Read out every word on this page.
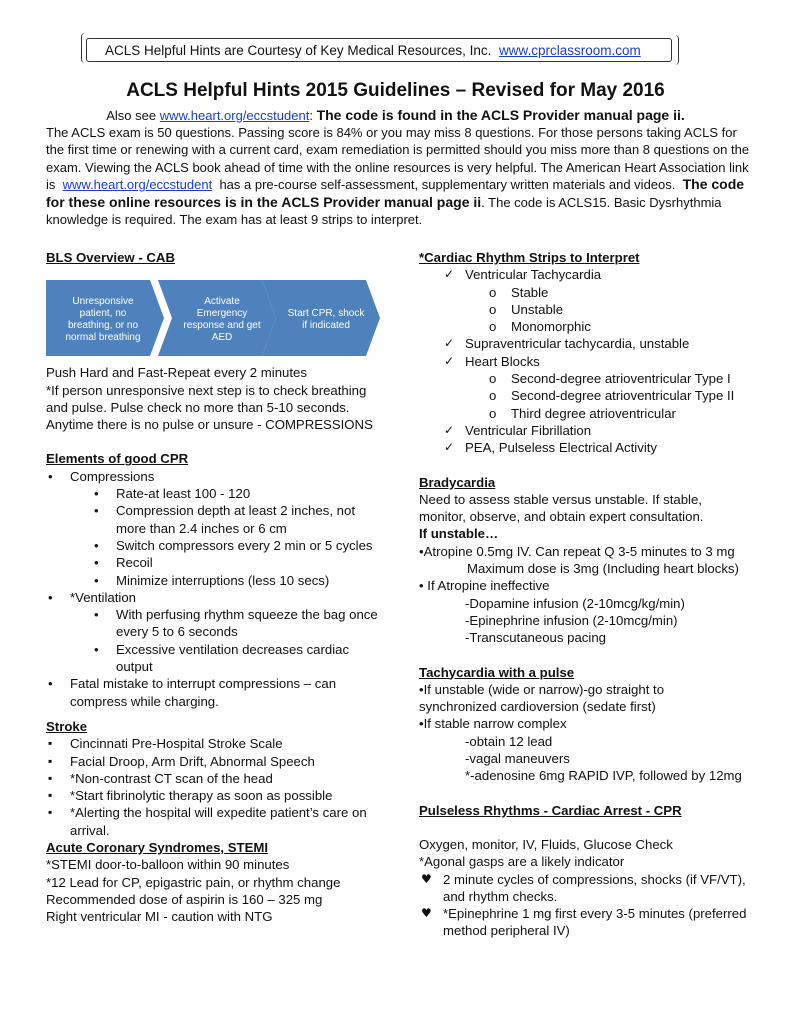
ACLS Helpful Hints are Courtesy of Key Medical Resources, Inc. www.cprclassroom.com
ACLS Helpful Hints 2015 Guidelines – Revised for May 2016
Also see www.heart.org/eccstudent: The code is found in the ACLS Provider manual page ii.
The ACLS exam is 50 questions. Passing score is 84% or you may miss 8 questions. For those persons taking ACLS for the first time or renewing with a current card, exam remediation is permitted should you miss more than 8 questions on the exam. Viewing the ACLS book ahead of time with the online resources is very helpful. The American Heart Association link is www.heart.org/eccstudent has a pre-course self-assessment, supplementary written materials and videos. The code for these online resources is in the ACLS Provider manual page ii. The code is ACLS15. Basic Dysrhythmia knowledge is required. The exam has at least 9 strips to interpret.

BLS Overview - CAB

Unresponsive
patient, no
breathing, or no
normal breathing
Activate
Emergency
response and get
AED
Start CPR, shock
if indicated

Push Hard and Fast-Repeat every 2 minutes

*If person unresponsive next step is to check breathing

and pulse. Pulse check no more than 5-10 seconds.

Anytime there is no pulse or unsure - COMPRESSIONS

Elements of good CPR

• Compressions
• Rate-at least 100 - 120
• Compression depth at least 2 inches, not more than 2.4 inches or 6 cm
• Switch compressors every 2 min or 5 cycles
• Recoil
• Minimize interruptions (less 10 secs)
• *Ventilation
• With perfusing rhythm squeeze the bag once every 5 to 6 seconds
• Excessive ventilation decreases cardiac output
• Fatal mistake to interrupt compressions – can compress while charging.

Stroke

▪ Cincinnati Pre-Hospital Stroke Scale
▪ Facial Droop, Arm Drift, Abnormal Speech
▪ *Non-contrast CT scan of the head
▪ *Start fibrinolytic therapy as soon as possible
▪ *Alerting the hospital will expedite patient’s care on arrival.

Acute Coronary Syndromes, STEMI

*STEMI door-to-balloon within 90 minutes

*12 Lead for CP, epigastric pain, or rhythm change

Recommended dose of aspirin is 160 – 325 mg

Right ventricular MI - caution with NTG

*Cardiac Rhythm Strips to Interpret

✓ Ventricular Tachycardia
o Stable
o Unstable
o Monomorphic
✓ Supraventricular tachycardia, unstable
✓ Heart Blocks
o Second-degree atrioventricular Type I
o Second-degree atrioventricular Type II
o Third degree atrioventricular
✓ Ventricular Fibrillation
✓ PEA, Pulseless Electrical Activity

Bradycardia

Need to assess stable versus unstable. If stable,

monitor, observe, and obtain expert consultation.

If unstable…

•Atropine 0.5mg IV. Can repeat Q 3-5 minutes to 3 mg

Maximum dose is 3mg (Including heart blocks)

• If Atropine ineffective

-Dopamine infusion (2-10mcg/kg/min)

-Epinephrine infusion (2-10mcg/min)

-Transcutaneous pacing

Tachycardia with a pulse

•If unstable (wide or narrow)-go straight to

synchronized cardioversion (sedate first)

•If stable narrow complex

-obtain 12 lead

-vagal maneuvers

*-adenosine 6mg RAPID IVP, followed by 12mg

Pulseless Rhythms - Cardiac Arrest - CPR

Oxygen, monitor, IV, Fluids, Glucose Check

*Agonal gasps are a likely indicator

♥ 2 minute cycles of compressions, shocks (if VF/VT), and rhythm checks.
♥ *Epinephrine 1 mg first every 3-5 minutes (preferred method peripheral IV)
